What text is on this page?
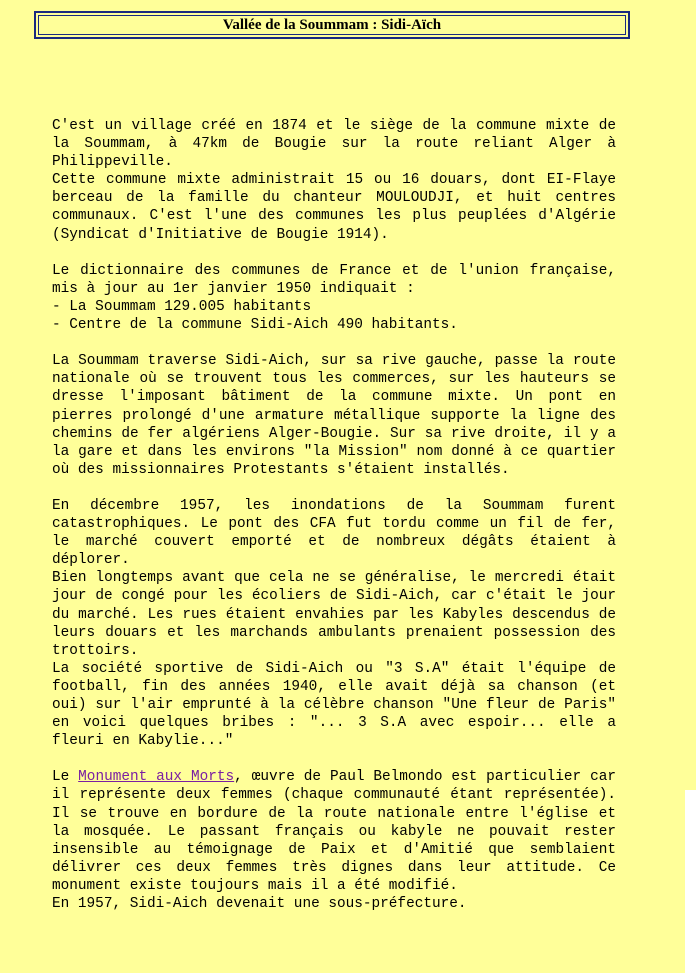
Vallée de la Soummam : Sidi-Aïch
C'est un village créé en 1874 et le siège de la commune mixte de la Soummam, à 47km de Bougie sur la route reliant Alger à Philippeville.
Cette commune mixte administrait 15 ou 16 douars, dont EI-Flaye berceau de la famille du chanteur MOULOUDJI, et huit centres communaux. C'est l'une des communes les plus peuplées d'Algérie (Syndicat d'Initiative de Bougie 1914).
Le dictionnaire des communes de France et de l'union française, mis à jour au 1er janvier 1950 indiquait :
- La Soummam 129.005 habitants
- Centre de la commune Sidi-Aich 490 habitants.
La Soummam traverse Sidi-Aich, sur sa rive gauche, passe la route nationale où se trouvent tous les commerces, sur les hauteurs se dresse l'imposant bâtiment de la commune mixte. Un pont en pierres prolongé d'une armature métallique supporte la ligne des chemins de fer algériens Alger-Bougie. Sur sa rive droite, il y a la gare et dans les environs "la Mission" nom donné à ce quartier où des missionnaires Protestants s'étaient installés.
En décembre 1957, les inondations de la Soummam furent catastrophiques. Le pont des CFA fut tordu comme un fil de fer, le marché couvert emporté et de nombreux dégâts étaient à déplorer.
Bien longtemps avant que cela ne se généralise, le mercredi était jour de congé pour les écoliers de Sidi-Aich, car c'était le jour du marché. Les rues étaient envahies par les Kabyles descendus de leurs douars et les marchands ambulants prenaient possession des trottoirs.
La société sportive de Sidi-Aich ou "3 S.A" était l'équipe de football, fin des années 1940, elle avait déjà sa chanson (et oui) sur l'air emprunté à la célèbre chanson "Une fleur de Paris" en voici quelques bribes : "... 3 S.A avec espoir... elle a fleuri en Kabylie..."
Le Monument aux Morts, œuvre de Paul Belmondo est particulier car il représente deux femmes (chaque communauté étant représentée). Il se trouve en bordure de la route nationale entre l'église et la mosquée. Le passant français ou kabyle ne pouvait rester insensible au témoignage de Paix et d'Amitié que semblaient délivrer ces deux femmes très dignes dans leur attitude. Ce monument existe toujours mais il a été modifié.
En 1957, Sidi-Aich devenait une sous-préfecture.
